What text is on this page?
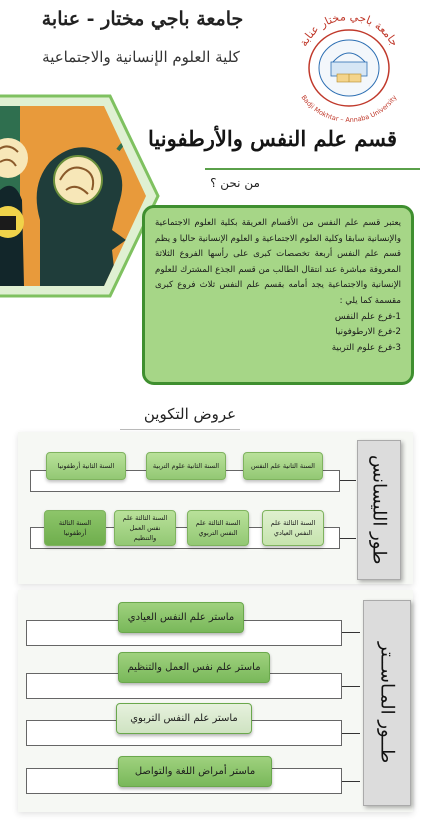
جامعة باجي مختار - عنابة
كلية العلوم الإنسانية والاجتماعية
جامعة باجي مختار عنابة
Badji Mokhtar – Annaba University
قسم علم النفس والأرطفونيا
من نحن ؟
يعتبر قسم علم النفس من الأقسام العريقة بكلية العلوم الاجتماعية والإنسانية سابقا وكلية العلوم الاجتماعية و العلوم الإنسانية حاليا و يظم قسم علم النفس أربعة تخصصات كبرى على رأسها الفروع الثلاثة المعروفة مباشرة عند انتقال الطالب من قسم الجذع المشترك للعلوم الإنسانية والاجتماعية يجد أمامه بقسم علم النفس ثلاث فروع كبرى مقسمة كما يلي :
1-فرع علم النفس
2-فرع الارطوفونيا
3-فرع علوم التربية
عروض التكوين
السنة الثانية علم النفس
السنة الثانية علوم التربية
السنة الثانية أرطفونيا
السنة الثالثة علم النفس العيادي
السنة الثالثة علم النفس التربوي
السنة الثالثة علم نفس العمل والتنظيم
السنة الثالثة أرطفونيا	طور الليسانس
ماستر علم النفس العيادي
ماستر علم نفس العمل والتنظيم
ماستر علم النفس التربوي
ماستر أمراض اللغة والتواصل
طــور المـاســتر
